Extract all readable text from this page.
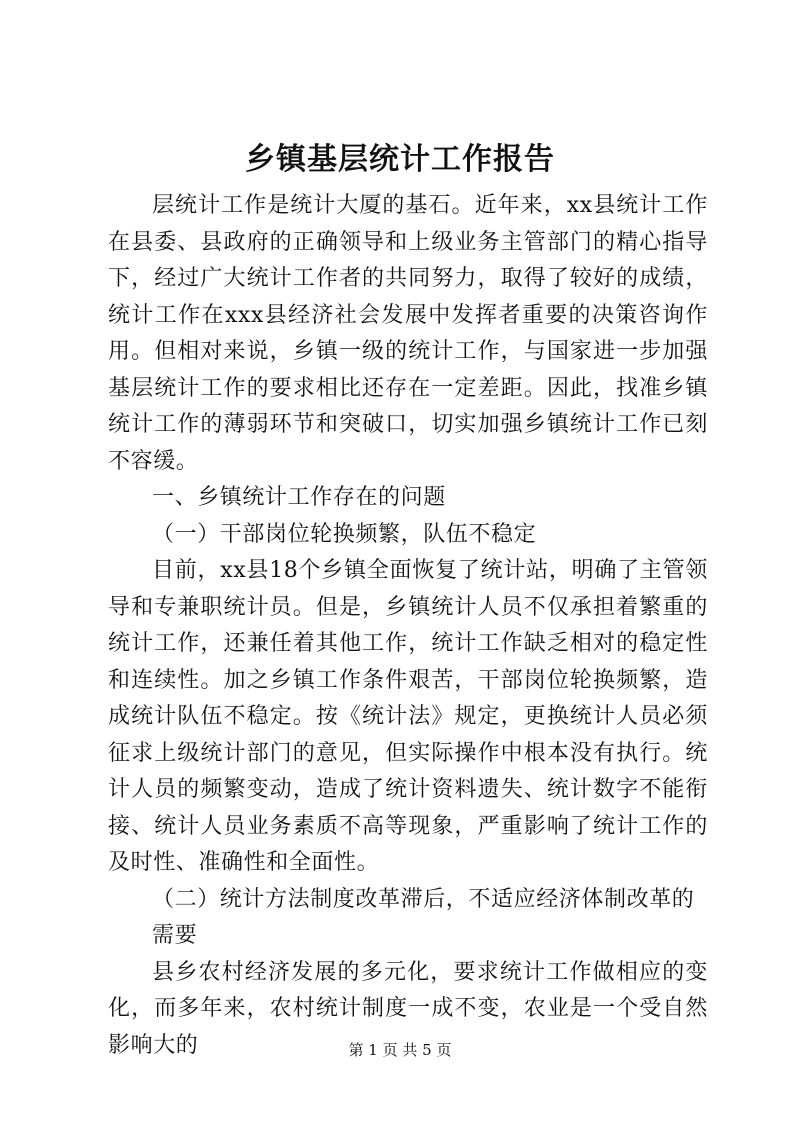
乡镇基层统计工作报告

层统计工作是统计大厦的基石。近年来，xx县统计工作在县委、县政府的正确领导和上级业务主管部门的精心指导下，经过广大统计工作者的共同努力，取得了较好的成绩，统计工作在xxx县经济社会发展中发挥者重要的决策咨询作用。但相对来说，乡镇一级的统计工作，与国家进一步加强基层统计工作的要求相比还存在一定差距。因此，找准乡镇统计工作的薄弱环节和突破口，切实加强乡镇统计工作已刻不容缓。

一、乡镇统计工作存在的问题

（一）干部岗位轮换频繁，队伍不稳定

目前，xx县18个乡镇全面恢复了统计站，明确了主管领导和专兼职统计员。但是，乡镇统计人员不仅承担着繁重的统计工作，还兼任着其他工作，统计工作缺乏相对的稳定性和连续性。加之乡镇工作条件艰苦，干部岗位轮换频繁，造成统计队伍不稳定。按《统计法》规定，更换统计人员必须征求上级统计部门的意见，但实际操作中根本没有执行。统计人员的频繁变动，造成了统计资料遗失、统计数字不能衔接、统计人员业务素质不高等现象，严重影响了统计工作的及时性、准确性和全面性。

（二）统计方法制度改革滞后，不适应经济体制改革的需要

县乡农村经济发展的多元化，要求统计工作做相应的变化，而多年来，农村统计制度一成不变，农业是一个受自然影响大的	第 1 页 共 5 页
